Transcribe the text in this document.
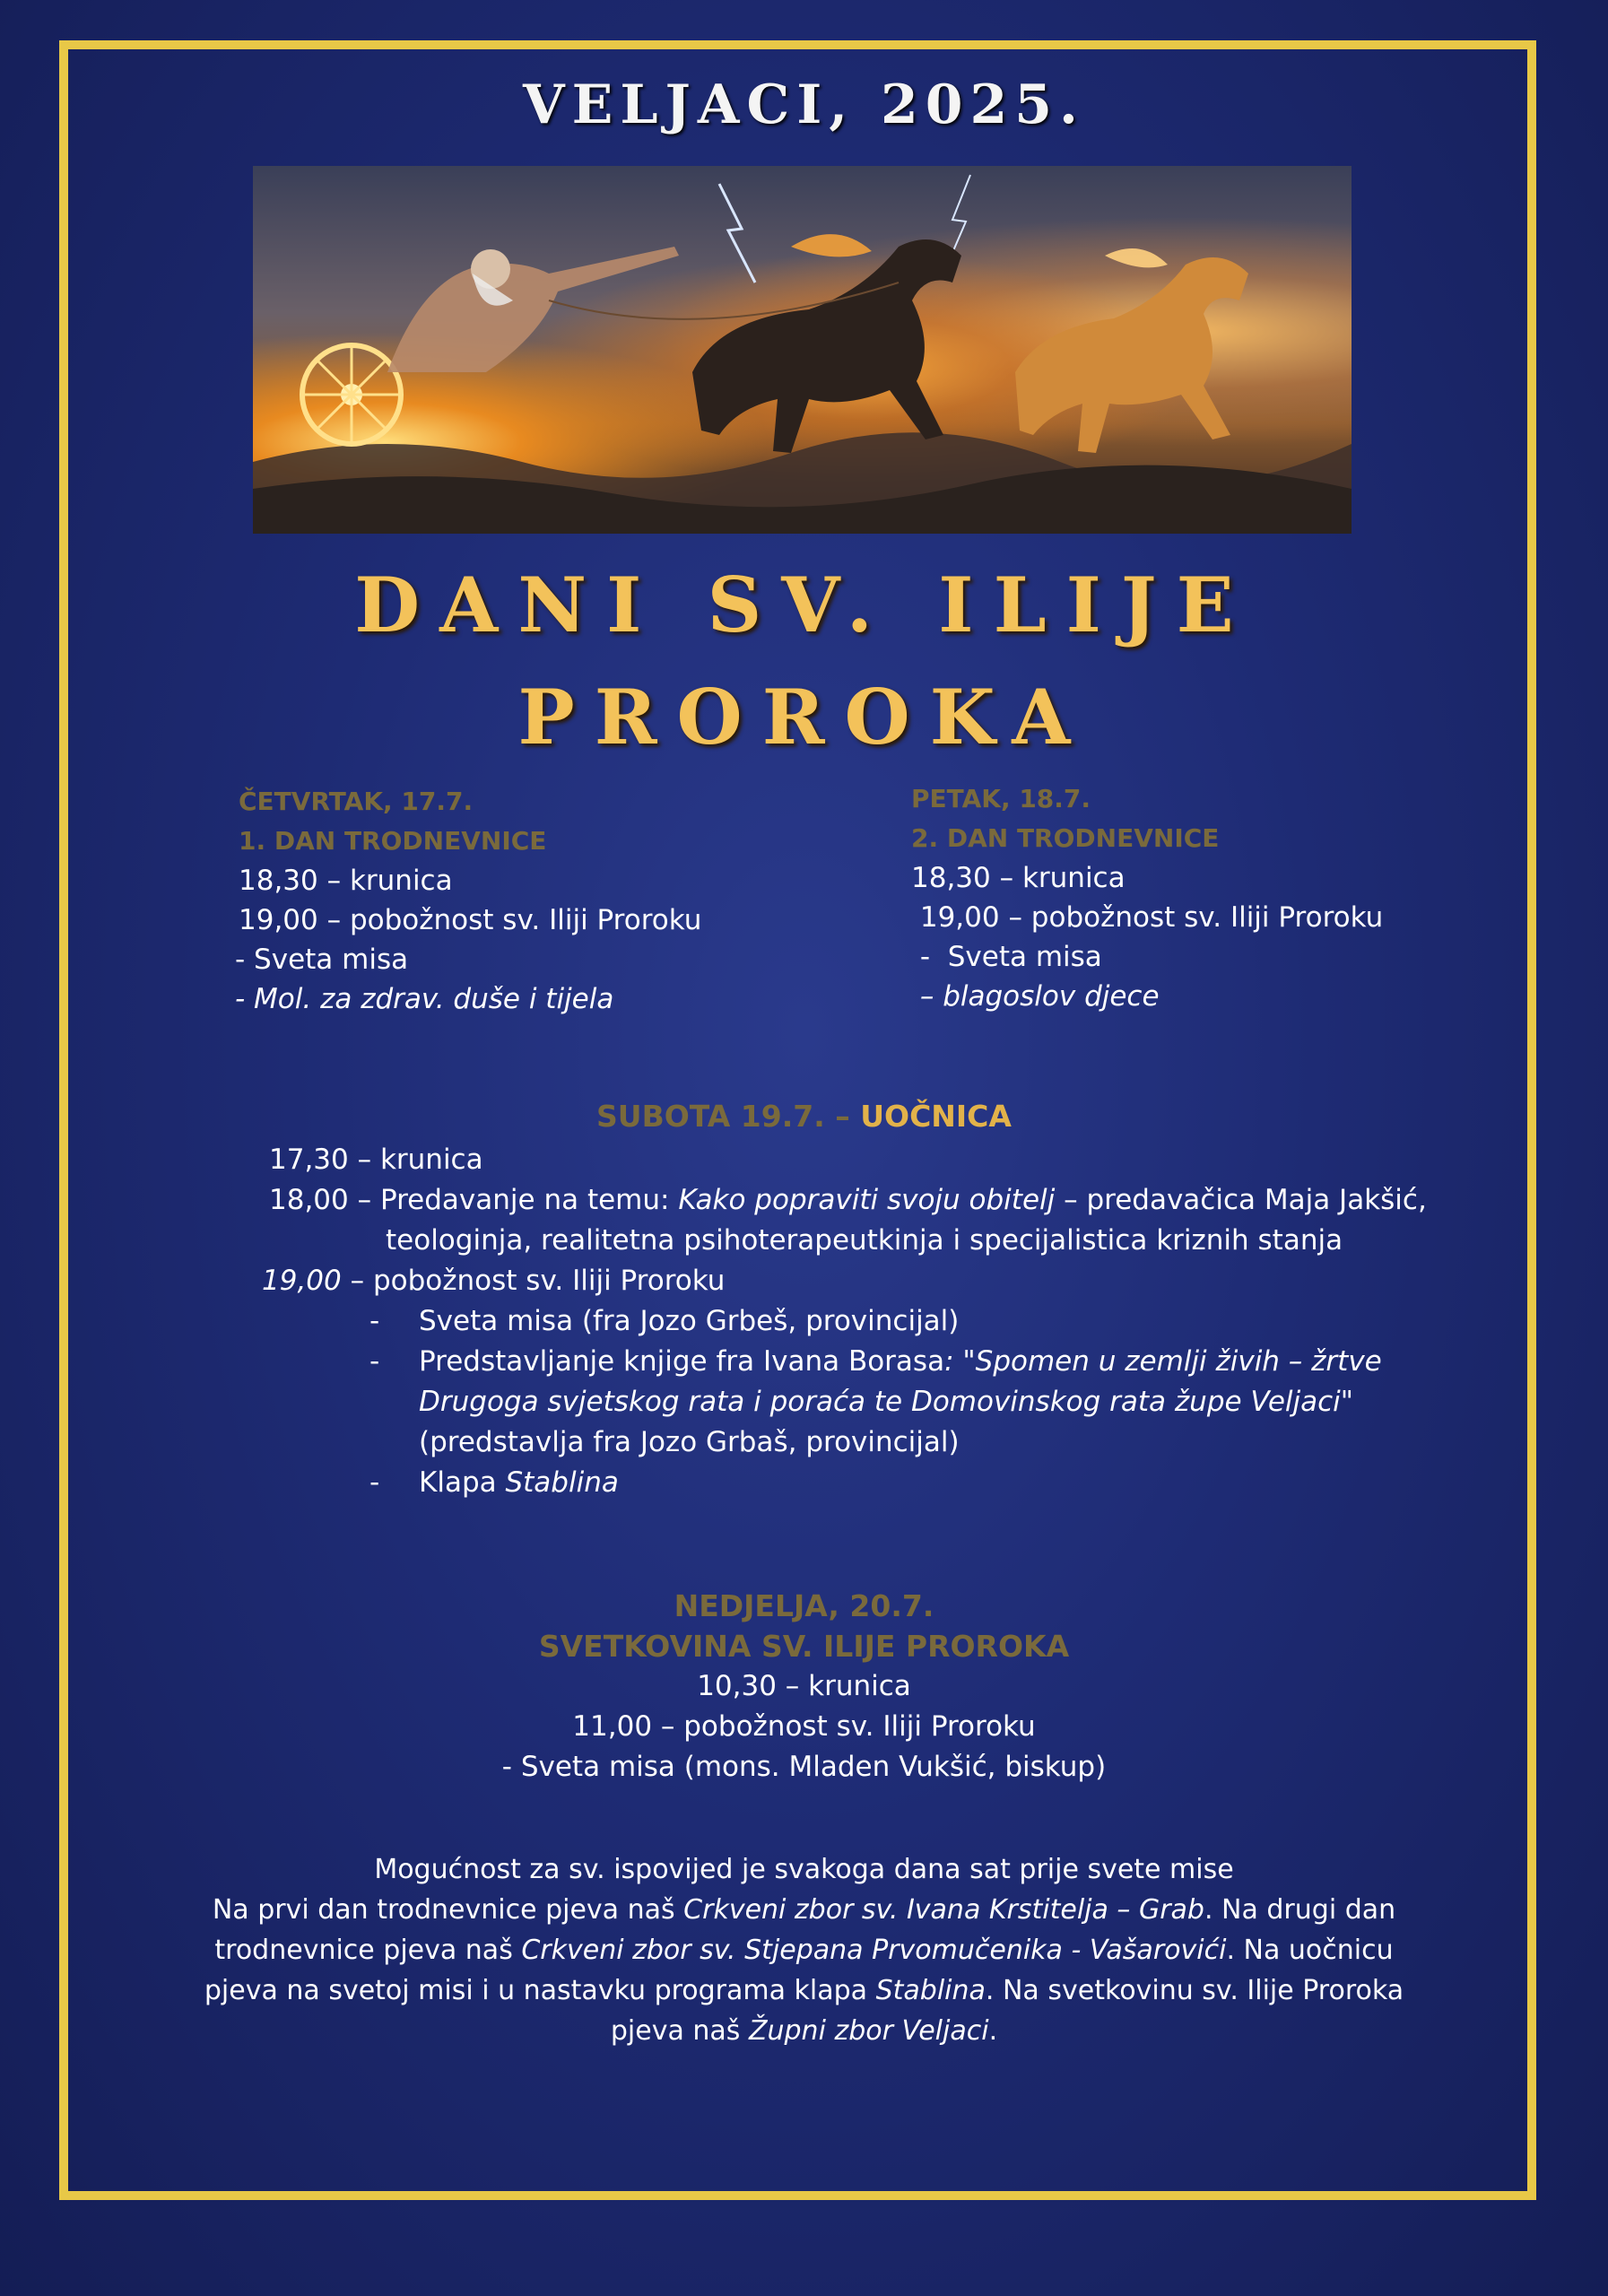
VELJACI, 2025.
DANI SV. ILIJE
PROROKA
ČETVRTAK, 17.7.
1. DAN TRODNEVNICE
18,30 – krunica
19,00 – pobožnost sv. Iliji Proroku
- Sveta misa
- Mol. za zdrav. duše i tijela
PETAK, 18.7.
2. DAN TRODNEVNICE
18,30 – krunica
19,00 – pobožnost sv. Iliji Proroku
-  Sveta misa
– blagoslov djece
SUBOTA 19.7. – UOČNICA
17,30 – krunica
18,00 – Predavanje na temu: Kako popraviti svoju obitelj – predavačica Maja Jakšić,
teologinja, realitetna psihoterapeutkinja i specijalistica kriznih stanja
19,00 – pobožnost sv. Iliji Proroku
- Sveta misa (fra Jozo Grbeš, provincijal)
- Predstavljanje knjige fra Ivana Borasa: "Spomen u zemlji živih – žrtve
Drugoga svjetskog rata i poraća te Domovinskog rata župe Veljaci"
(predstavlja fra Jozo Grbaš, provincijal)
- Klapa Stablina
NEDJELJA, 20.7.
SVETKOVINA SV. ILIJE PROROKA
10,30 – krunica
11,00 – pobožnost sv. Iliji Proroku
- Sveta misa (mons. Mladen Vukšić, biskup)

Mogućnost za sv. ispovijed je svakoga dana sat prije svete mise

Na prvi dan trodnevnice pjeva naš Crkveni zbor sv. Ivana Krstitelja – Grab. Na drugi dan

trodnevnice pjeva naš Crkveni zbor sv. Stjepana Prvomučenika - Vašarovići. Na uočnicu

pjeva na svetoj misi i u nastavku programa klapa Stablina. Na svetkovinu sv. Ilije Proroka

pjeva naš Župni zbor Veljaci.
